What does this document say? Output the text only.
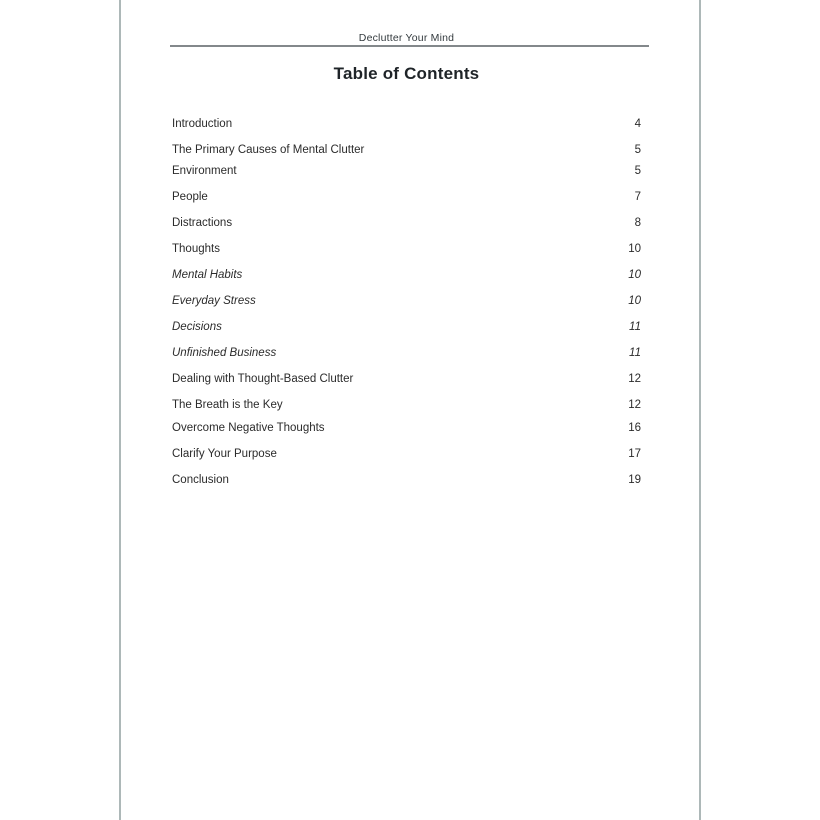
Declutter Your Mind
Table of Contents
Introduction	4
The Primary Causes of Mental Clutter	5
Environment	5
People	7
Distractions	8
Thoughts	10
Mental Habits	10
Everyday Stress	10
Decisions	11
Unfinished Business	11
Dealing with Thought-Based Clutter	12
The Breath is the Key	12
Overcome Negative Thoughts	16
Clarify Your Purpose	17
Conclusion	19
